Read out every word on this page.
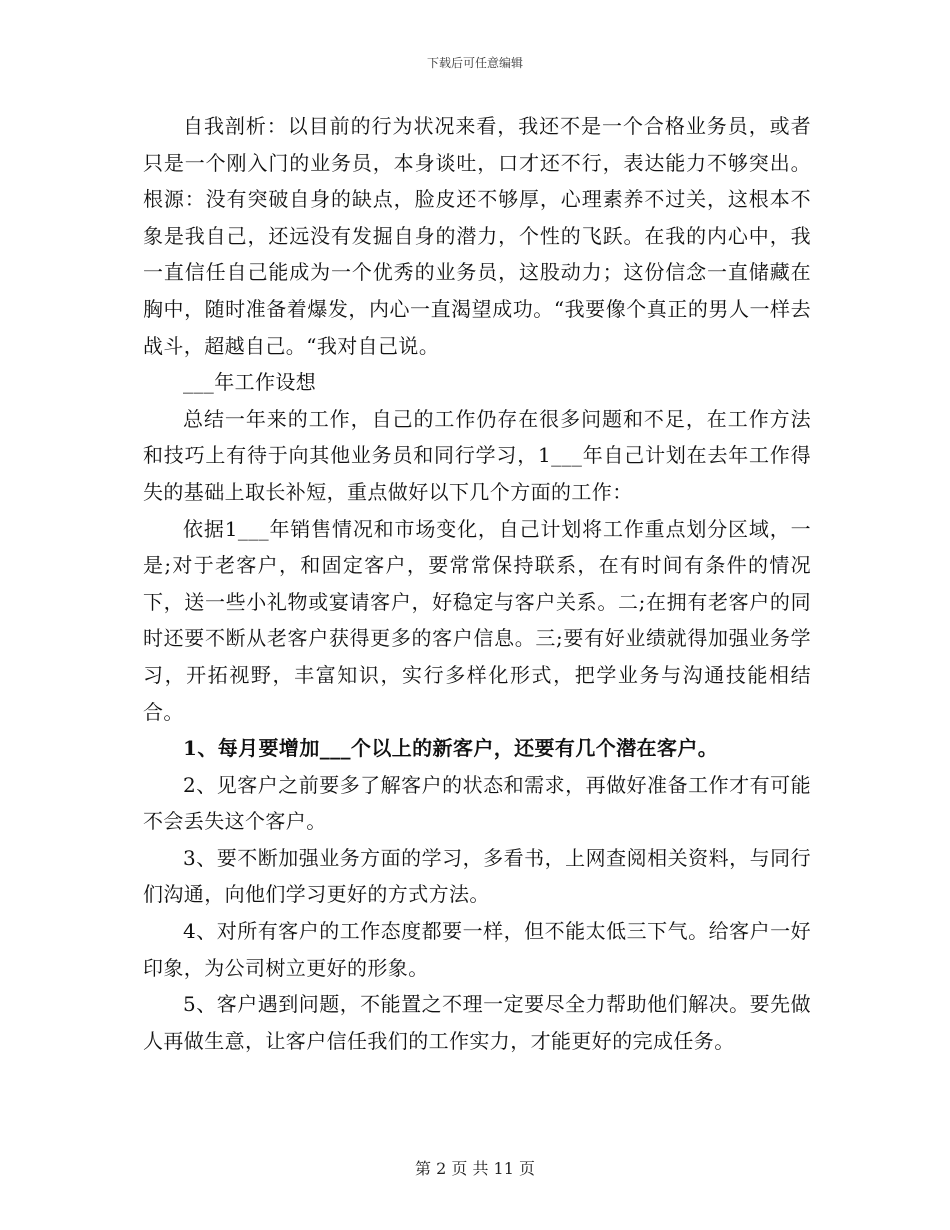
下载后可任意编辑

自我剖析：以目前的行为状况来看，我还不是一个合格业务员，或者只是一个刚入门的业务员，本身谈吐，口才还不行，表达能力不够突出。根源：没有突破自身的缺点，脸皮还不够厚，心理素养不过关，这根本不象是我自己，还远没有发掘自身的潜力，个性的飞跃。在我的内心中，我一直信任自己能成为一个优秀的业务员，这股动力；这份信念一直储藏在胸中，随时准备着爆发，内心一直渴望成功。“我要像个真正的男人一样去战斗，超越自己。“我对自己说。

___年工作设想

总结一年来的工作，自己的工作仍存在很多问题和不足，在工作方法和技巧上有待于向其他业务员和同行学习，1___年自己计划在去年工作得失的基础上取长补短，重点做好以下几个方面的工作：

依据1___年销售情况和市场变化，自己计划将工作重点划分区域，一是;对于老客户，和固定客户，要常常保持联系，在有时间有条件的情况下，送一些小礼物或宴请客户，好稳定与客户关系。二;在拥有老客户的同时还要不断从老客户获得更多的客户信息。三;要有好业绩就得加强业务学习，开拓视野，丰富知识，实行多样化形式，把学业务与沟通技能相结合。

1、每月要增加___个以上的新客户，还要有几个潜在客户。

2、见客户之前要多了解客户的状态和需求，再做好准备工作才有可能不会丢失这个客户。

3、要不断加强业务方面的学习，多看书，上网查阅相关资料，与同行们沟通，向他们学习更好的方式方法。

4、对所有客户的工作态度都要一样，但不能太低三下气。给客户一好印象，为公司树立更好的形象。

5、客户遇到问题，不能置之不理一定要尽全力帮助他们解决。要先做人再做生意，让客户信任我们的工作实力，才能更好的完成任务。

第 2 页 共 11 页
